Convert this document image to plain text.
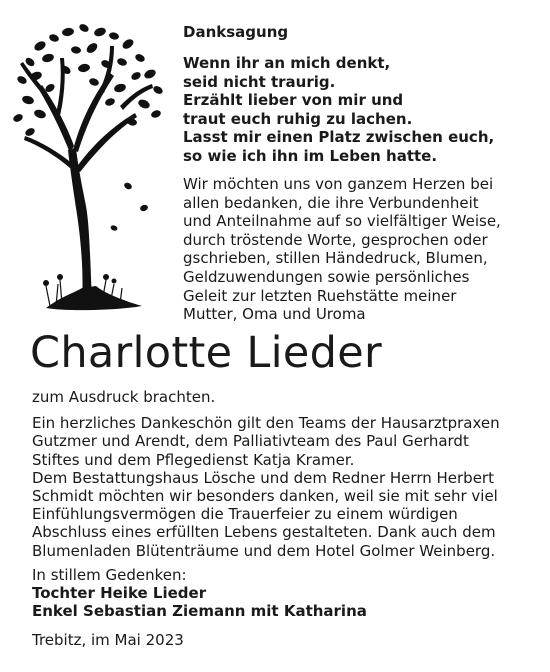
Danksagung
Wenn ihr an mich denkt,
seid nicht traurig.
Erzählt lieber von mir und
traut euch ruhig zu lachen.
Lasst mir einen Platz zwischen euch,
so wie ich ihn im Leben hatte.
Wir möchten uns von ganzem Herzen bei
allen bedanken, die ihre Verbundenheit
und Anteilnahme auf so vielfältiger Weise,
durch tröstende Worte, gesprochen oder
gschrieben, stillen Händedruck, Blumen,
Geldzuwendungen sowie persönliches
Geleit zur letzten Ruehstätte meiner
Mutter, Oma und Uroma
Charlotte Lieder
zum Ausdruck brachten.
Ein herzliches Dankeschön gilt den Teams der Hausarztpraxen
Gutzmer und Arendt, dem Palliativteam des Paul Gerhardt
Stiftes und dem Pflegedienst Katja Kramer.
Dem Bestattungshaus Lösche und dem Redner Herrn Herbert
Schmidt möchten wir besonders danken, weil sie mit sehr viel
Einfühlungsvermögen die Trauerfeier zu einem würdigen
Abschluss eines erfüllten Lebens gestalteten. Dank auch dem
Blumenladen Blütenträume und dem Hotel Golmer Weinberg.
In stillem Gedenken:
Tochter Heike Lieder
Enkel Sebastian Ziemann mit Katharina
Trebitz, im Mai 2023
